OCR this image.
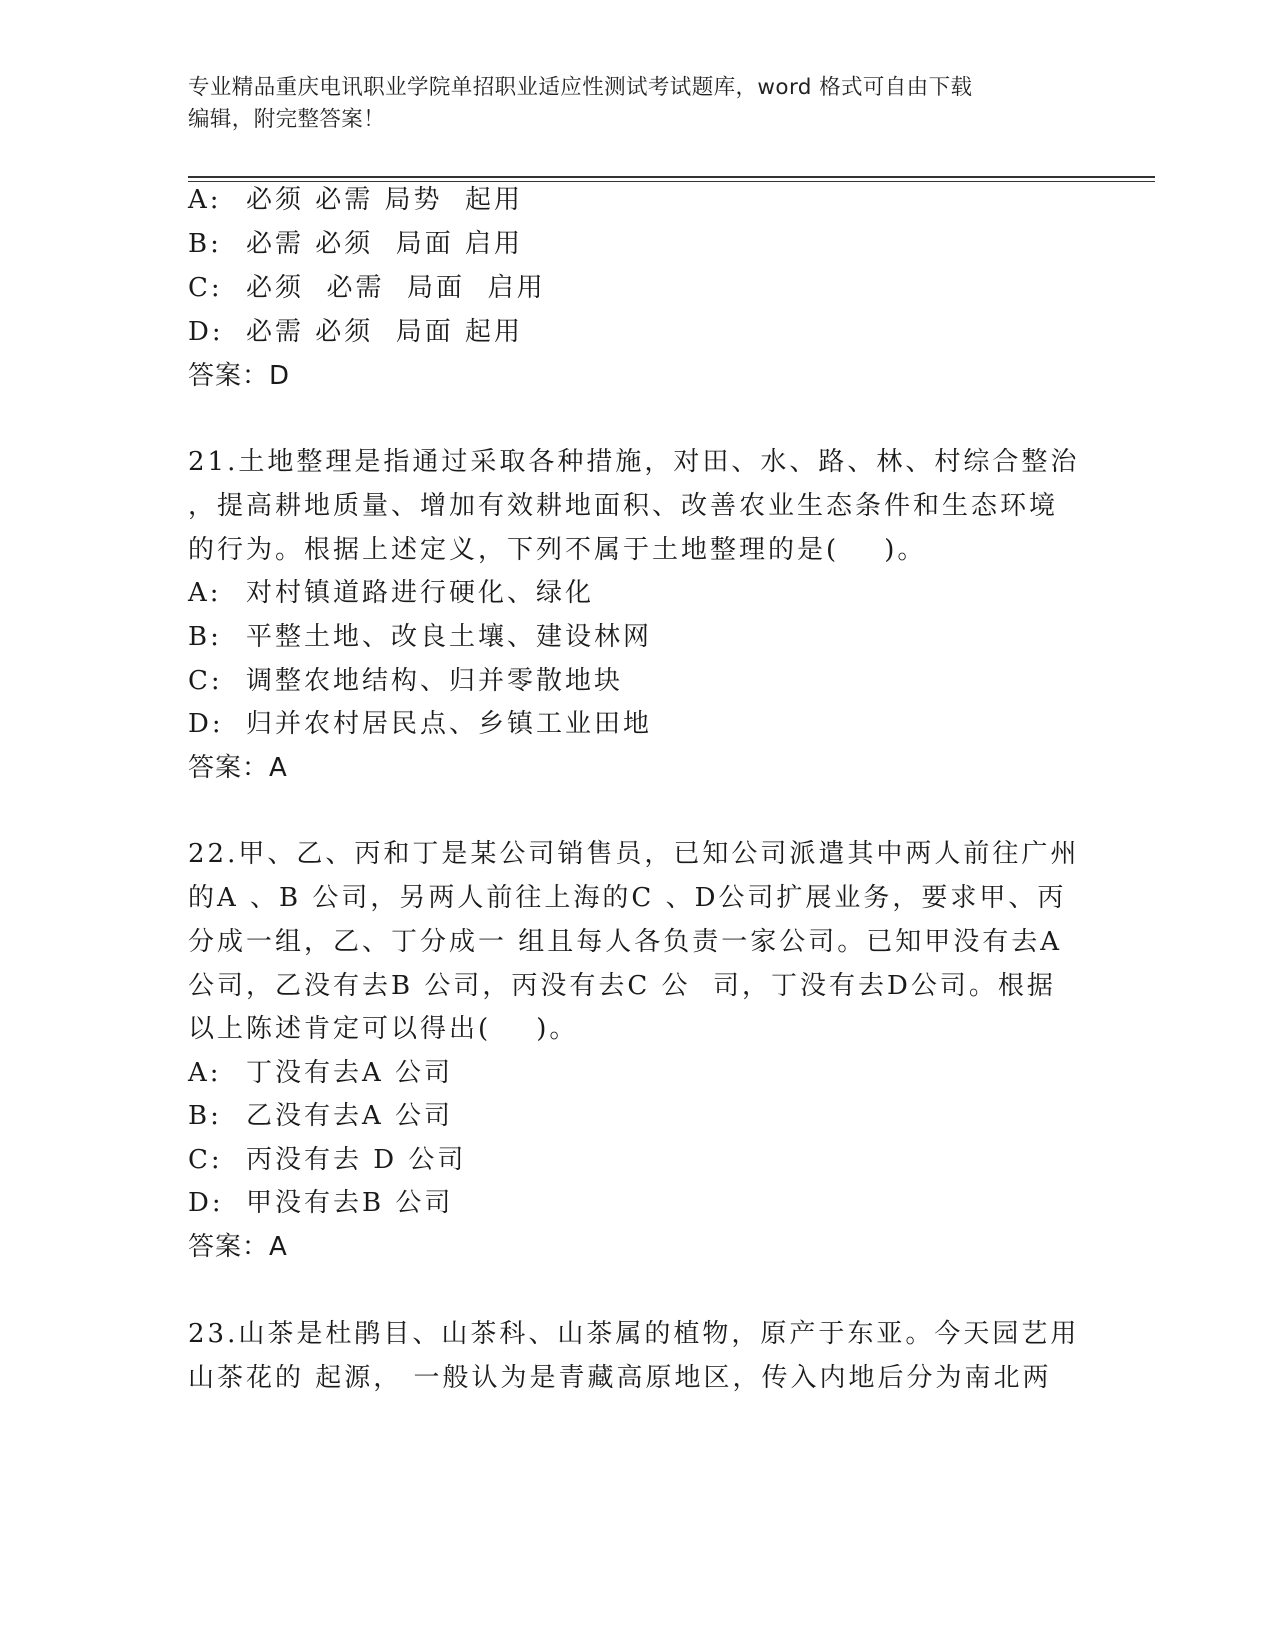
专业精品重庆电讯职业学院单招职业适应性测试考试题库，word 格式可自由下载
编辑，附完整答案！
A: 必须 必需 局势  起用
B: 必需 必须  局面 启用
C: 必须  必需  局面  启用
D: 必需 必须  局面 起用
答案：D
21.土地整理是指通过采取各种措施，对田、水、路、林、村综合整治
，提高耕地质量、增加有效耕地面积、改善农业生态条件和生态环境
的行为。根据上述定义，下列不属于土地整理的是(    )。
A: 对村镇道路进行硬化、绿化
B: 平整土地、改良土壤、建设林网
C: 调整农地结构、归并零散地块
D: 归并农村居民点、乡镇工业田地
答案：A
22.甲、乙、丙和丁是某公司销售员，已知公司派遣其中两人前往广州
的A 、B 公司，另两人前往上海的C 、D公司扩展业务，要求甲、丙
分成一组，乙、丁分成一 组且每人各负责一家公司。已知甲没有去A
公司，乙没有去B 公司，丙没有去C 公  司，丁没有去D公司。根据
以上陈述肯定可以得出(    )。
A: 丁没有去A 公司
B: 乙没有去A 公司
C: 丙没有去 D 公司
D: 甲没有去B 公司
答案：A
23.山茶是杜鹃目、山茶科、山茶属的植物，原产于东亚。今天园艺用
山茶花的 起源， 一般认为是青藏高原地区，传入内地后分为南北两
